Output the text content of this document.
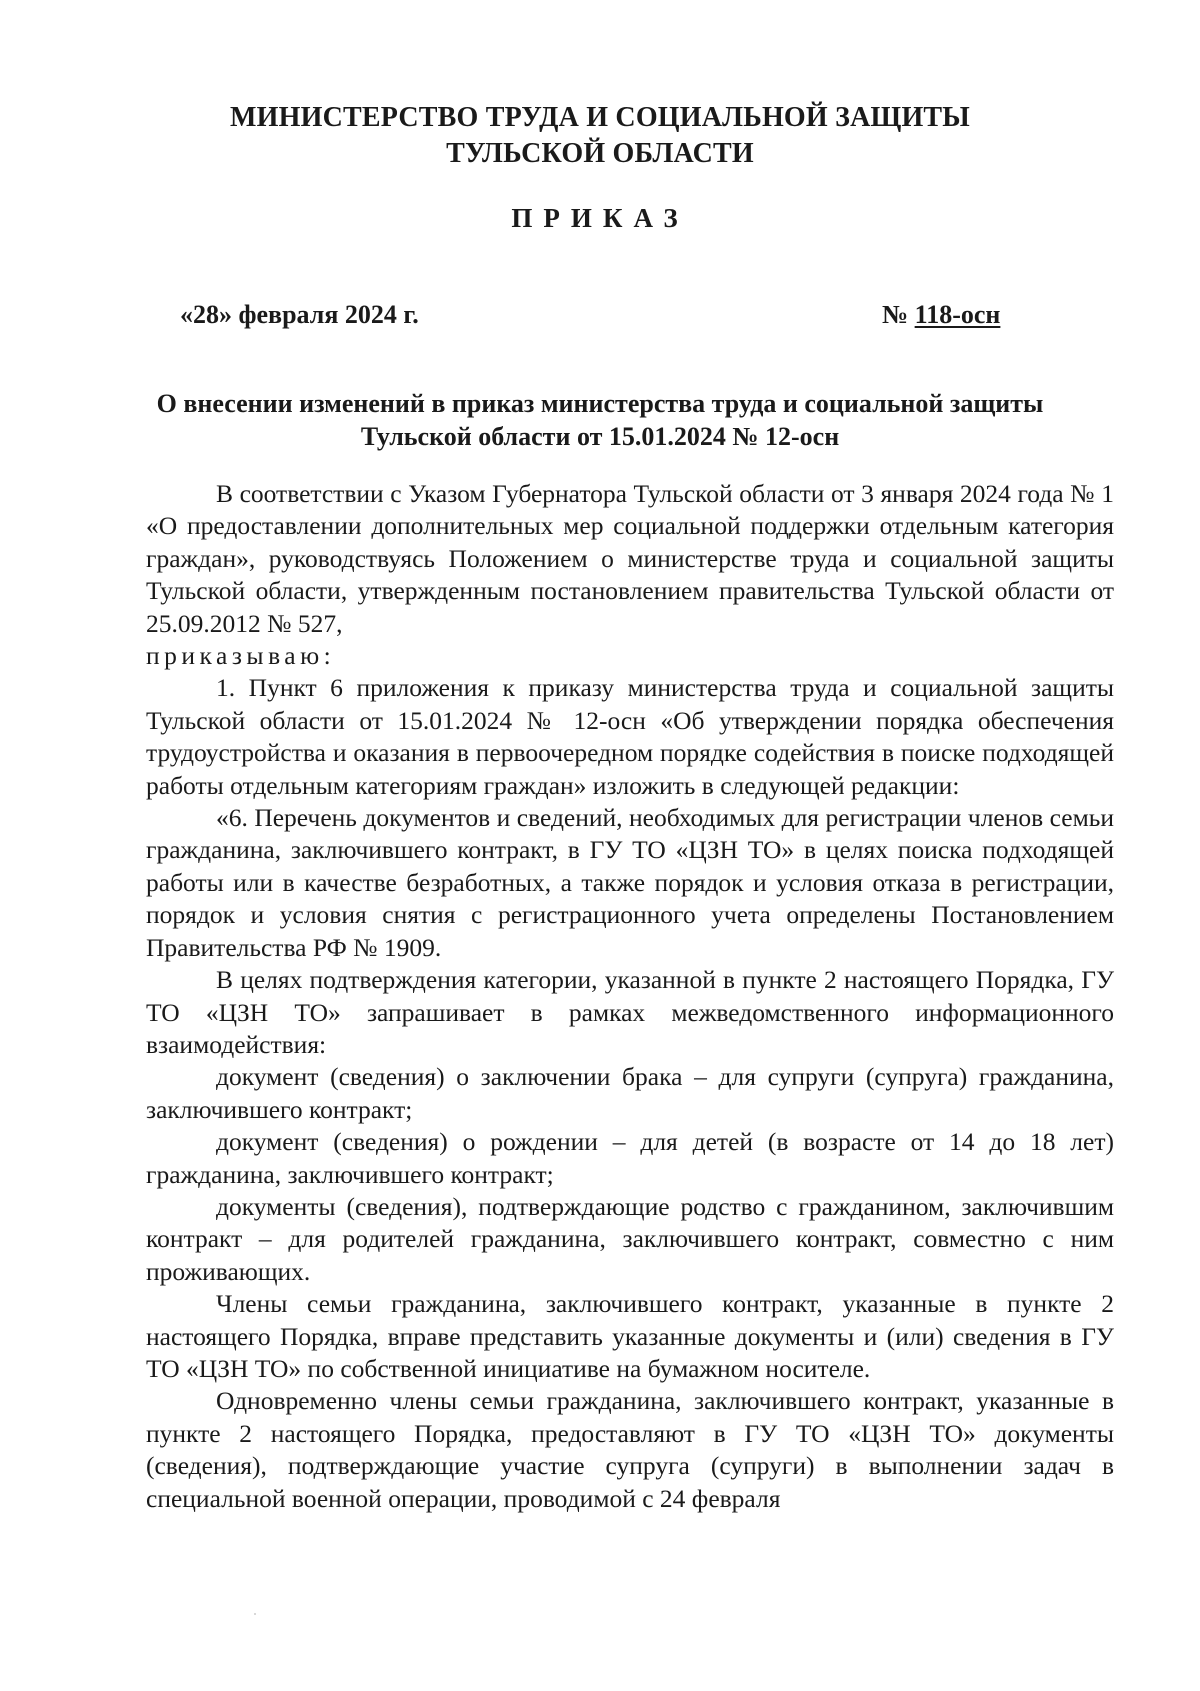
МИНИСТЕРСТВО ТРУДА И СОЦИАЛЬНОЙ ЗАЩИТЫ
ТУЛЬСКОЙ ОБЛАСТИ
ПРИКАЗ
«28» февраля 2024 г.	№ 118-осн
О внесении изменений в приказ министерства труда и социальной защиты
Тульской области от 15.01.2024 № 12-осн

В соответствии с Указом Губернатора Тульской области от 3 января 2024 года № 1 «О предоставлении дополнительных мер социальной поддержки отдельным категория граждан», руководствуясь Положением о министерстве труда и социальной защиты Тульской области, утвержденным постановлением правительства Тульской области от 25.09.2012 № 527,

приказываю:

1. Пункт 6 приложения к приказу министерства труда и социальной защиты Тульской области от 15.01.2024 № 12-осн «Об утверждении порядка обеспечения трудоустройства и оказания в первоочередном порядке содействия в поиске подходящей работы отдельным категориям граждан» изложить в следующей редакции:

«6. Перечень документов и сведений, необходимых для регистрации членов семьи гражданина, заключившего контракт, в ГУ ТО «ЦЗН ТО» в целях поиска подходящей работы или в качестве безработных, а также порядок и условия отказа в регистрации, порядок и условия снятия с регистрационного учета определены Постановлением Правительства РФ № 1909.

В целях подтверждения категории, указанной в пункте 2 настоящего Порядка, ГУ ТО «ЦЗН ТО» запрашивает в рамках межведомственного информационного взаимодействия:

документ (сведения) о заключении брака – для супруги (супруга) гражданина, заключившего контракт;

документ (сведения) о рождении – для детей (в возрасте от 14 до 18 лет) гражданина, заключившего контракт;

документы (сведения), подтверждающие родство с гражданином, заключившим контракт – для родителей гражданина, заключившего контракт, совместно с ним проживающих.

Члены семьи гражданина, заключившего контракт, указанные в пункте 2 настоящего Порядка, вправе представить указанные документы и (или) сведения в ГУ ТО «ЦЗН ТО» по собственной инициативе на бумажном носителе.

Одновременно члены семьи гражданина, заключившего контракт, указанные в пункте 2 настоящего Порядка, предоставляют в ГУ ТО «ЦЗН ТО» документы (сведения), подтверждающие участие супруга (супруги) в выполнении задач в специальной военной операции, проводимой с 24 февраля
